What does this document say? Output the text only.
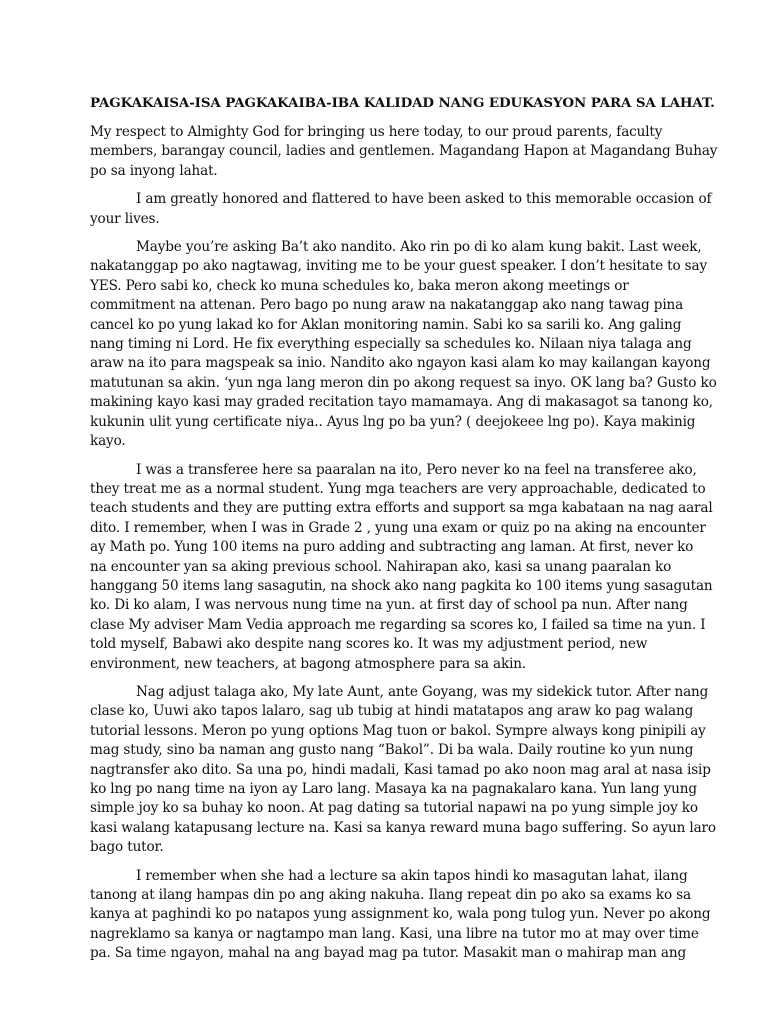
PAGKAKAISA-ISA PAGKAKAIBA-IBA KALIDAD NANG EDUKASYON PARA SA LAHAT.
My respect to Almighty God for bringing us here today, to our proud parents, faculty
members, barangay council, ladies and gentlemen. Magandang Hapon at Magandang Buhay
po sa inyong lahat.
I am greatly honored and flattered to have been asked to this memorable occasion of
your lives.
Maybe you’re asking Ba’t ako nandito. Ako rin po di ko alam kung bakit. Last week,
nakatanggap po ako nagtawag, inviting me to be your guest speaker. I don’t hesitate to say
YES. Pero sabi ko, check ko muna schedules ko, baka meron akong meetings or
commitment na attenan. Pero bago po nung araw na nakatanggap ako nang tawag pina
cancel ko po yung lakad ko for Aklan monitoring namin. Sabi ko sa sarili ko. Ang galing
nang timing ni Lord. He fix everything especially sa schedules ko. Nilaan niya talaga ang
araw na ito para magspeak sa inio. Nandito ako ngayon kasi alam ko may kailangan kayong
matutunan sa akin. ‘yun nga lang meron din po akong request sa inyo. OK lang ba? Gusto ko
makining kayo kasi may graded recitation tayo mamamaya. Ang di makasagot sa tanong ko,
kukunin ulit yung certificate niya.. Ayus lng po ba yun? ( deejokeee lng po). Kaya makinig
kayo.
I was a transferee here sa paaralan na ito, Pero never ko na feel na transferee ako,
they treat me as a normal student. Yung mga teachers are very approachable, dedicated to
teach students and they are putting extra efforts and support sa mga kabataan na nag aaral
dito. I remember, when I was in Grade 2 , yung una exam or quiz po na aking na encounter
ay Math po. Yung 100 items na puro adding and subtracting ang laman. At first, never ko
na encounter yan sa aking previous school. Nahirapan ako, kasi sa unang paaralan ko
hanggang 50 items lang sasagutin, na shock ako nang pagkita ko 100 items yung sasagutan
ko. Di ko alam, I was nervous nung time na yun. at first day of school pa nun. After nang
clase My adviser Mam Vedia approach me regarding sa scores ko, I failed sa time na yun. I
told myself, Babawi ako despite nang scores ko. It was my adjustment period, new
environment, new teachers, at bagong atmosphere para sa akin.
Nag adjust talaga ako, My late Aunt, ante Goyang, was my sidekick tutor. After nang
clase ko, Uuwi ako tapos lalaro, sag ub tubig at hindi matatapos ang araw ko pag walang
tutorial lessons. Meron po yung options Mag tuon or bakol. Sympre always kong pinipili ay
mag study, sino ba naman ang gusto nang “Bakol”. Di ba wala. Daily routine ko yun nung
nagtransfer ako dito. Sa una po, hindi madali, Kasi tamad po ako noon mag aral at nasa isip
ko lng po nang time na iyon ay Laro lang. Masaya ka na pagnakalaro kana. Yun lang yung
simple joy ko sa buhay ko noon. At pag dating sa tutorial napawi na po yung simple joy ko
kasi walang katapusang lecture na. Kasi sa kanya reward muna bago suffering. So ayun laro
bago tutor.
I remember when she had a lecture sa akin tapos hindi ko masagutan lahat, ilang
tanong at ilang hampas din po ang aking nakuha. Ilang repeat din po ako sa exams ko sa
kanya at paghindi ko po natapos yung assignment ko, wala pong tulog yun. Never po akong
nagreklamo sa kanya or nagtampo man lang. Kasi, una libre na tutor mo at may over time
pa. Sa time ngayon, mahal na ang bayad mag pa tutor. Masakit man o mahirap man ang
